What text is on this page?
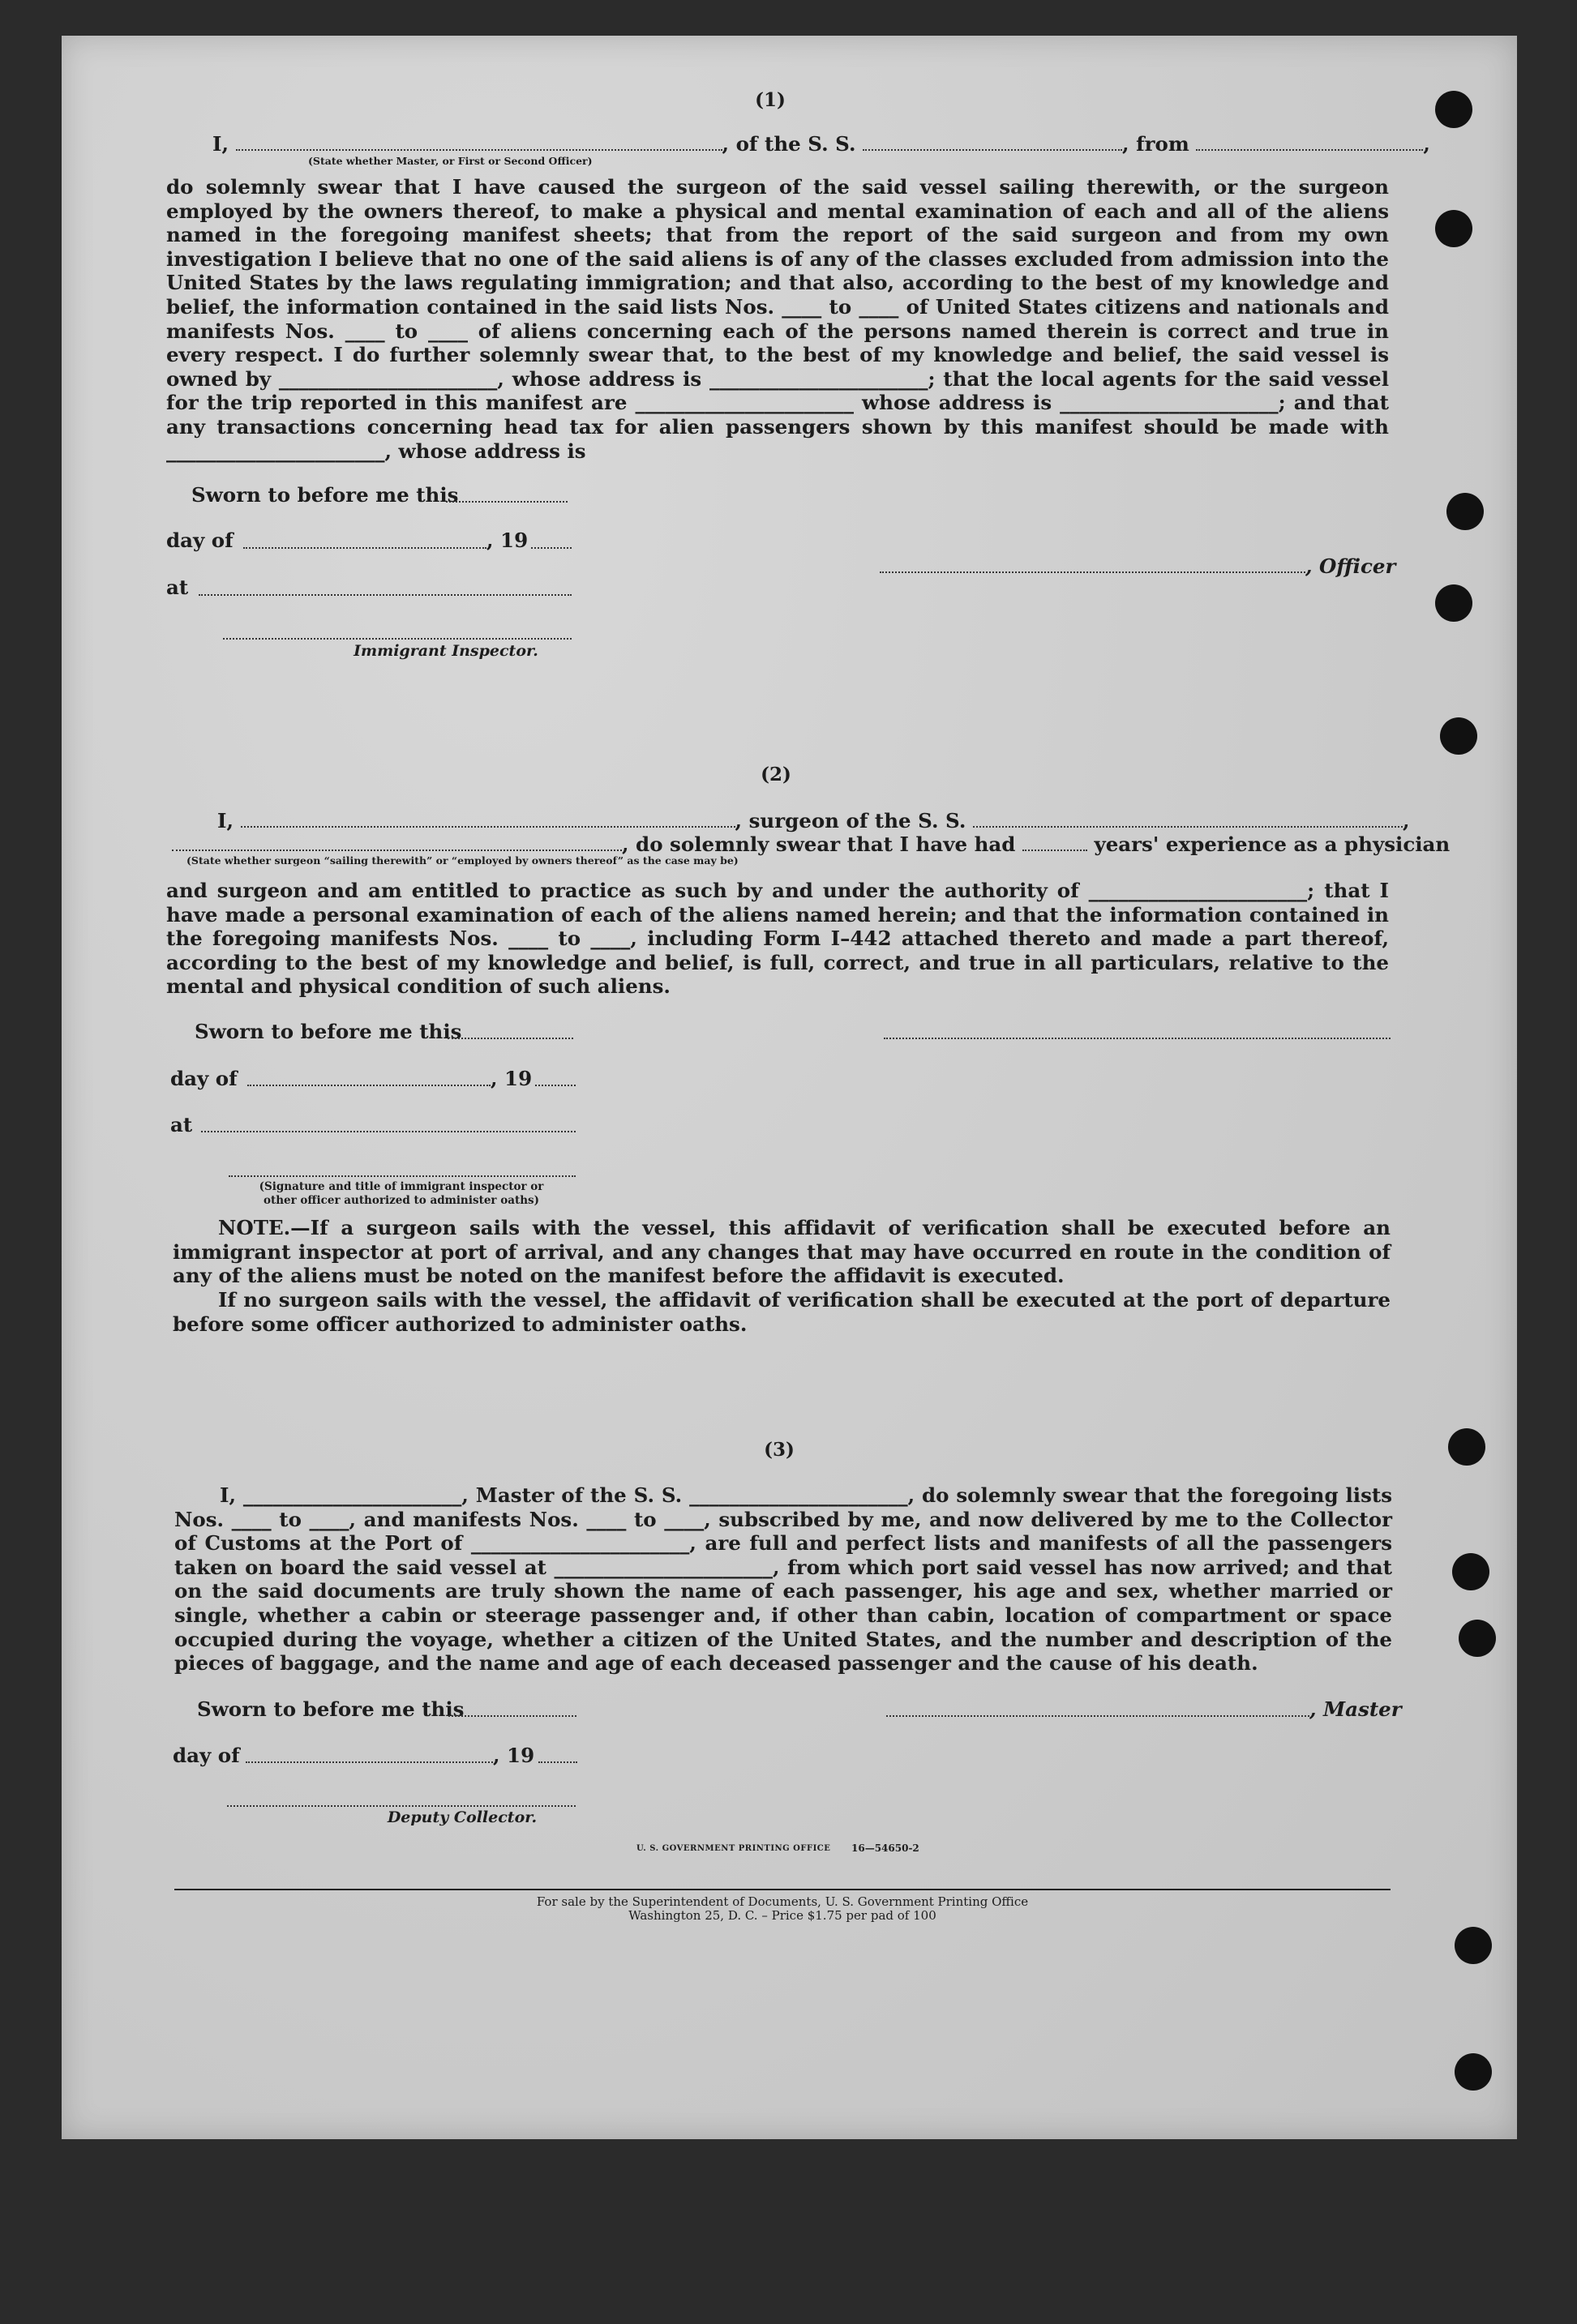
(1)
I,	, of the S. S.	, from	,
(State whether Master, or First or Second Officer)
do solemnly swear that I have caused the surgeon of the said vessel sailing therewith, or the surgeon employed by the owners thereof, to make a physical and mental examination of each and all of the aliens named in the foregoing manifest sheets; that from the report of the said surgeon and from my own investigation I believe that no one of the said aliens is of any of the classes excluded from admission into the United States by the laws regulating immigration; and that also, according to the best of my knowledge and belief, the information contained in the said lists Nos. ____ to ____ of United States citizens and nationals and manifests Nos. ____ to ____ of aliens concerning each of the persons named therein is correct and true in every respect. I do further solemnly swear that, to the best of my knowledge and belief, the said vessel is owned by ______________________, whose address is ______________________; that the local agents for the said vessel for the trip reported in this manifest are ______________________ whose address is ______________________; and that any transactions concerning head tax for alien passengers shown by this manifest should be made with ______________________, whose address is
Sworn to before me this
day of	, 19
at
, Officer
Immigrant Inspector.
(2)
I,	, surgeon of the S. S.	,
, do solemnly swear that I have had	years' experience as a physician
(State whether surgeon “sailing therewith” or “employed by owners thereof” as the case may be)
and surgeon and am entitled to practice as such by and under the authority of ______________________; that I have made a personal examination of each of the aliens named herein; and that the information contained in the foregoing manifests Nos. ____ to ____, including Form I–442 attached thereto and made a part thereof, according to the best of my knowledge and belief, is full, correct, and true in all particulars, relative to the mental and physical condition of such aliens.
Sworn to before me this
day of	, 19
at
(Signature and title of immigrant inspector or
other officer authorized to administer oaths)
NOTE.—If a surgeon sails with the vessel, this affidavit of verification shall be executed before an immigrant inspector at port of arrival, and any changes that may have occurred en route in the condition of any of the aliens must be noted on the manifest before the affidavit is executed.
If no surgeon sails with the vessel, the affidavit of verification shall be executed at the port of departure before some officer authorized to administer oaths.
(3)
I, ______________________, Master of the S. S. ______________________, do solemnly swear that the foregoing lists Nos. ____ to ____, and manifests Nos. ____ to ____, subscribed by me, and now delivered by me to the Collector of Customs at the Port of ______________________, are full and perfect lists and manifests of all the passengers taken on board the said vessel at ______________________, from which port said vessel has now arrived; and that on the said documents are truly shown the name of each passenger, his age and sex, whether married or single, whether a cabin or steerage passenger and, if other than cabin, location of compartment or space occupied during the voyage, whether a citizen of the United States, and the number and description of the pieces of baggage, and the name and age of each deceased passenger and the cause of his death.
Sworn to before me this	, Master
day of	, 19
Deputy Collector.
U. S. GOVERNMENT PRINTING OFFICE 16—54650-2
For sale by the Superintendent of Documents, U. S. Government Printing Office
Washington 25, D. C. – Price $1.75 per pad of 100
